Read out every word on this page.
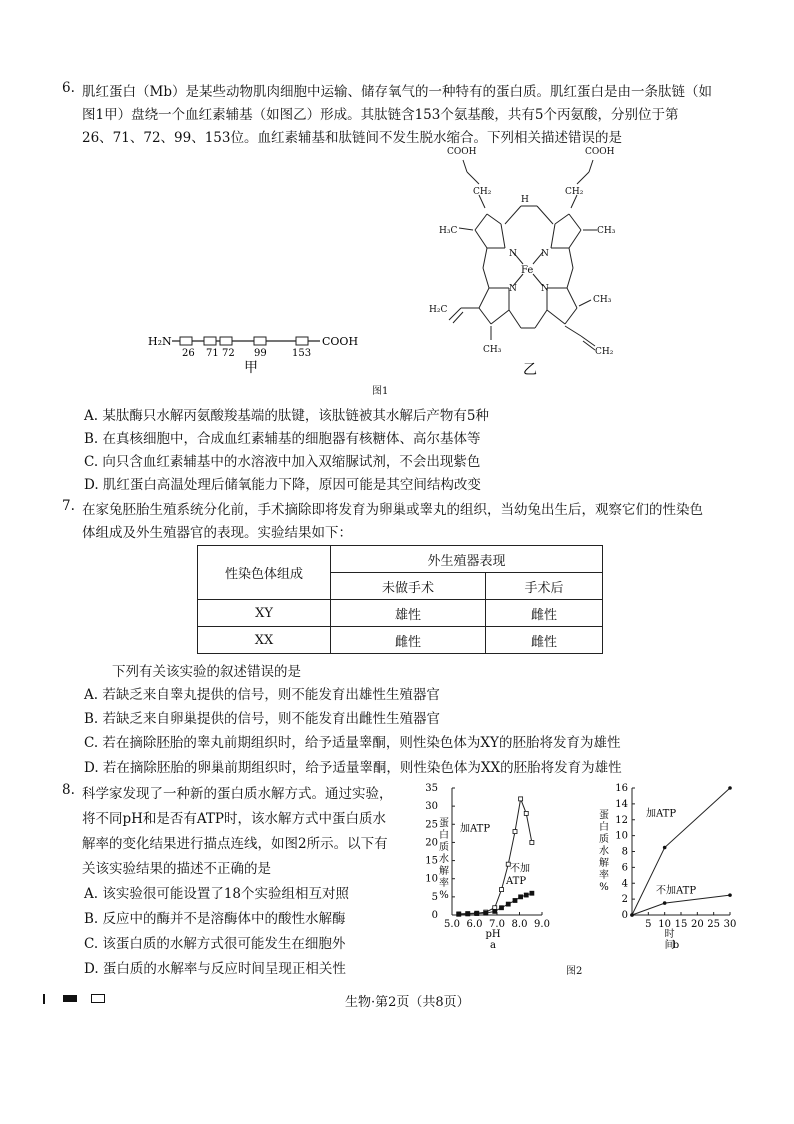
6. 肌红蛋白（Mb）是某些动物肌肉细胞中运输、储存氧气的一种特有的蛋白质。肌红蛋白是由一条肽链（如
图1甲）盘绕一个血红素辅基（如图乙）形成。其肽链含153个氨基酸，共有5个丙氨酸，分别位于第
26、71、72、99、153位。血红素辅基和肽链间不发生脱水缩合。下列相关描述错误的是
H₂N	COOH
26 71 72 99	153
甲
COOH	COOH
CH₂	CH₂
H₃C	CH₃
H
N	N
Fe
N	N
H₂C
CH₃
CH₃
CH₂
乙
图1
A. 某肽酶只水解丙氨酸羧基端的肽键，该肽链被其水解后产物有5种
B. 在真核细胞中，合成血红素辅基的细胞器有核糖体、高尔基体等
C. 向只含血红素辅基中的水溶液中加入双缩脲试剂，不会出现紫色
D. 肌红蛋白高温处理后储氧能力下降，原因可能是其空间结构改变
7. 在家兔胚胎生殖系统分化前，手术摘除即将发育为卵巢或睾丸的组织，当幼兔出生后，观察它们的性染色
体组成及外生殖器官的表现。实验结果如下：
性染色体组成	外生殖器表现	
	未做手术	手术后
XY	雄性	雌性
XX	雌性	雌性
下列有关该实验的叙述错误的是
A. 若缺乏来自睾丸提供的信号，则不能发育出雄性生殖器官
B. 若缺乏来自卵巢提供的信号，则不能发育出雌性生殖器官
C. 若在摘除胚胎的睾丸前期组织时，给予适量睾酮，则性染色体为XY的胚胎将发育为雄性
D. 若在摘除胚胎的卵巢前期组织时，给予适量睾酮，则性染色体为XX的胚胎将发育为雄性
8. 科学家发现了一种新的蛋白质水解方式。通过实验，
将不同pH和是否有ATP时，该水解方式中蛋白质水
解率的变化结果进行描点连线，如图2所示。以下有
关该实验结果的描述不正确的是
A. 该实验很可能设置了18个实验组相互对照
B. 反应中的酶并不是溶酶体中的酸性水解酶
C. 该蛋白质的水解方式很可能发生在细胞外
D. 蛋白质的水解率与反应时间呈现正相关性
0
5
10
15
20
25
30
35
5.0 6.0 7.0 8.0 9.0
pH
a
蛋
白
质
水
解
率
%
加ATP
不加
ATP
0
2
4
6
8
10
12
14
16
5 10 15 20 25 30
时
间
b
蛋
白
质
水
解
率
%
加ATP
不加ATP
图2

生物·第2页（共8页）
